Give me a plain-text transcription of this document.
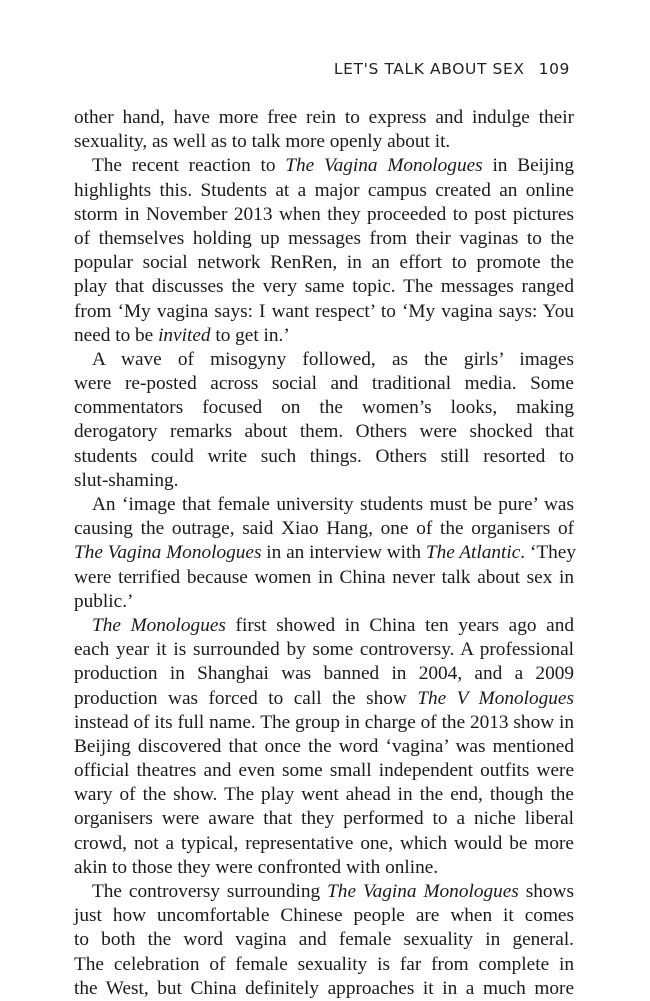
LET'S TALK ABOUT SEX 109
other hand, have more free rein to express and indulge their
sexuality, as well as to talk more openly about it.
The recent reaction to The Vagina Monologues in Beijing
highlights this. Students at a major campus created an online
storm in November 2013 when they proceeded to post pictures
of themselves holding up messages from their vaginas to the
popular social network RenRen, in an effort to promote the
play that discusses the very same topic. The messages ranged
from ‘My vagina says: I want respect’ to ‘My vagina says: You
need to be invited to get in.’
A wave of misogyny followed, as the girls’ images
were re-posted across social and traditional media. Some
commentators focused on the women’s looks, making
derogatory remarks about them. Others were shocked that
students could write such things. Others still resorted to
slut-shaming.
An ‘image that female university students must be pure’ was
causing the outrage, said Xiao Hang, one of the organisers of
The Vagina Monologues in an interview with The Atlantic. ‘They
were terrified because women in China never talk about sex in
public.’
The Monologues first showed in China ten years ago and
each year it is surrounded by some controversy. A professional
production in Shanghai was banned in 2004, and a 2009
production was forced to call the show The V Monologues
instead of its full name. The group in charge of the 2013 show in
Beijing discovered that once the word ‘vagina’ was mentioned
official theatres and even some small independent outfits were
wary of the show. The play went ahead in the end, though the
organisers were aware that they performed to a niche liberal
crowd, not a typical, representative one, which would be more
akin to those they were confronted with online.
The controversy surrounding The Vagina Monologues shows
just how uncomfortable Chinese people are when it comes
to both the word vagina and female sexuality in general.
The celebration of female sexuality is far from complete in
the West, but China definitely approaches it in a much more
